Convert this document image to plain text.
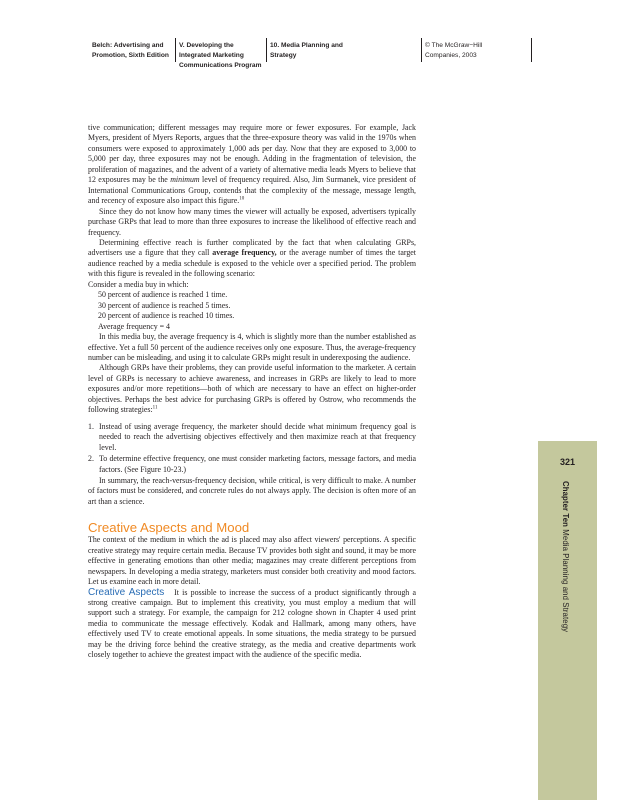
Belch: Advertising and
Promotion, Sixth Edition
V. Developing the
Integrated Marketing
Communications Program
10. Media Planning and
Strategy
© The McGraw−Hill
Companies, 2003

tive communication; different messages may require more or fewer exposures. For example, Jack Myers, president of Myers Reports, argues that the three-exposure theory was valid in the 1970s when consumers were exposed to approximately 1,000 ads per day. Now that they are exposed to 3,000 to 5,000 per day, three exposures may not be enough. Adding in the fragmentation of television, the proliferation of magazines, and the advent of a variety of alternative media leads Myers to believe that 12 exposures may be the minimum level of frequency required. Also, Jim Surmanek, vice president of International Communications Group, contends that the complexity of the message, message length, and recency of exposure also impact this figure.$^{10}$

Since they do not know how many times the viewer will actually be exposed, advertisers typically purchase GRPs that lead to more than three exposures to increase the likelihood of effective reach and frequency.

Determining effective reach is further complicated by the fact that when calculating GRPs, advertisers use a figure that they call average frequency, or the average number of times the target audience reached by a media schedule is exposed to the vehicle over a specified period. The problem with this figure is revealed in the following scenario:

Consider a media buy in which:

50 percent of audience is reached 1 time.

30 percent of audience is reached 5 times.

20 percent of audience is reached 10 times.

Average frequency = 4

In this media buy, the average frequency is 4, which is slightly more than the number established as effective. Yet a full 50 percent of the audience receives only one exposure. Thus, the average-frequency number can be misleading, and using it to calculate GRPs might result in underexposing the audience.

Although GRPs have their problems, they can provide useful information to the marketer. A certain level of GRPs is necessary to achieve awareness, and increases in GRPs are likely to lead to more exposures and/or more repetitions—both of which are necessary to have an effect on higher-order objectives. Perhaps the best advice for purchasing GRPs is offered by Ostrow, who recommends the following strategies:$^{11}$

1. Instead of using average frequency, the marketer should decide what minimum frequency goal is needed to reach the advertising objectives effectively and then maximize reach at that frequency level.
2. To determine effective frequency, one must consider marketing factors, message factors, and media factors. (See Figure 10-23.)

In summary, the reach-versus-frequency decision, while critical, is very difficult to make. A number of factors must be considered, and concrete rules do not always apply. The decision is often more of an art than a science.

Creative Aspects and Mood

The context of the medium in which the ad is placed may also affect viewers' perceptions. A specific creative strategy may require certain media. Because TV provides both sight and sound, it may be more effective in generating emotions than other media; magazines may create different perceptions from newspapers. In developing a media strategy, marketers must consider both creativity and mood factors. Let us examine each in more detail.

Creative Aspects It is possible to increase the success of a product significantly through a strong creative campaign. But to implement this creativity, you must employ a medium that will support such a strategy. For example, the campaign for 212 cologne shown in Chapter 4 used print media to communicate the message effectively. Kodak and Hallmark, among many others, have effectively used TV to create emotional appeals. In some situations, the media strategy to be pursued may be the driving force behind the creative strategy, as the media and creative departments work closely together to achieve the greatest impact with the audience of the specific media.

321
Chapter Ten Media Planning and Strategy
